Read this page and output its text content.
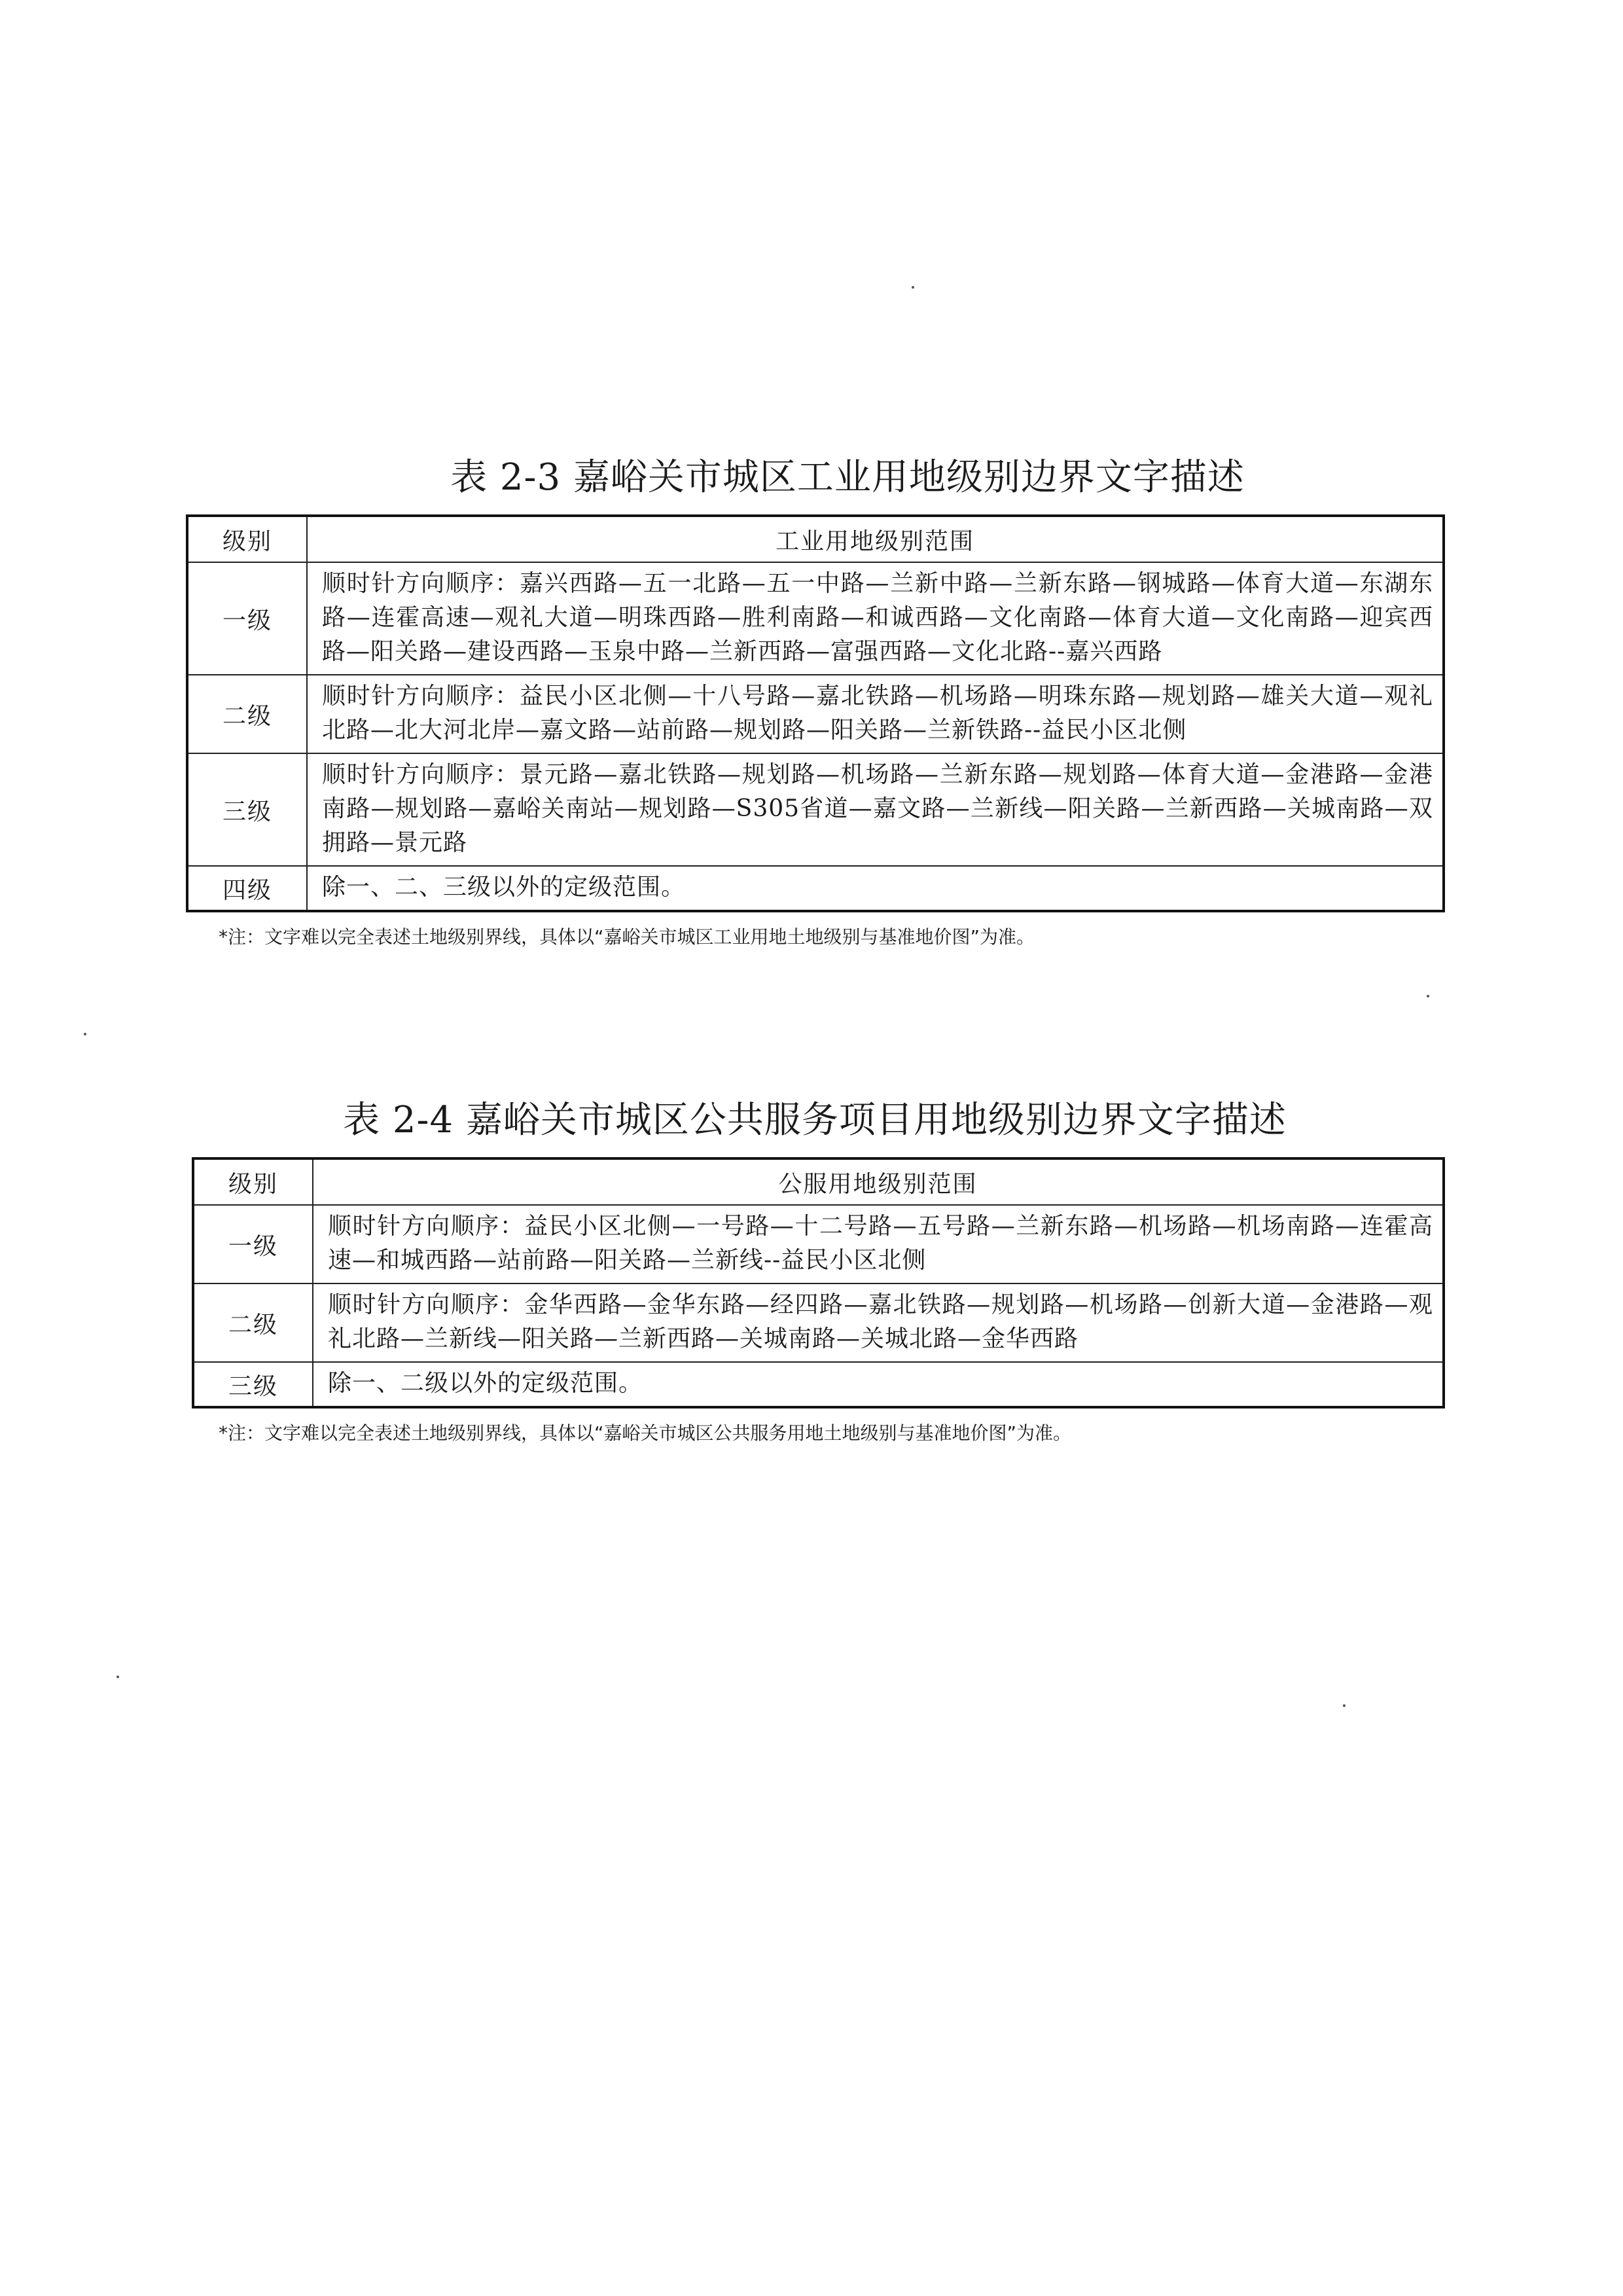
表 2-3 嘉峪关市城区工业用地级别边界文字描述
级别	工业用地级别范围
一级	顺时针方向顺序：嘉兴西路—五一北路—五一中路—兰新中路—兰新东路—钢城路—体育大道—东湖东路—连霍高速—观礼大道—明珠西路—胜利南路—和诚西路—文化南路—体育大道—文化南路—迎宾西路—阳关路—建设西路—玉泉中路—兰新西路—富强西路—文化北路--嘉兴西路
二级	顺时针方向顺序：益民小区北侧—十八号路—嘉北铁路—机场路—明珠东路—规划路—雄关大道—观礼北路—北大河北岸—嘉文路—站前路—规划路—阳关路—兰新铁路--益民小区北侧
三级	顺时针方向顺序：景元路—嘉北铁路—规划路—机场路—兰新东路—规划路—体育大道—金港路—金港南路—规划路—嘉峪关南站—规划路—S305省道—嘉文路—兰新线—阳关路—兰新西路—关城南路—双拥路—景元路
四级	除一、二、三级以外的定级范围。
*注：文字难以完全表述土地级别界线，具体以“嘉峪关市城区工业用地土地级别与基准地价图”为准。
表 2-4 嘉峪关市城区公共服务项目用地级别边界文字描述
级别	公服用地级别范围
一级	顺时针方向顺序：益民小区北侧—一号路—十二号路—五号路—兰新东路—机场路—机场南路—连霍高速—和城西路—站前路—阳关路—兰新线--益民小区北侧
二级	顺时针方向顺序：金华西路—金华东路—经四路—嘉北铁路—规划路—机场路—创新大道—金港路—观礼北路—兰新线—阳关路—兰新西路—关城南路—关城北路—金华西路
三级	除一、二级以外的定级范围。
*注：文字难以完全表述土地级别界线，具体以“嘉峪关市城区公共服务用地土地级别与基准地价图”为准。
